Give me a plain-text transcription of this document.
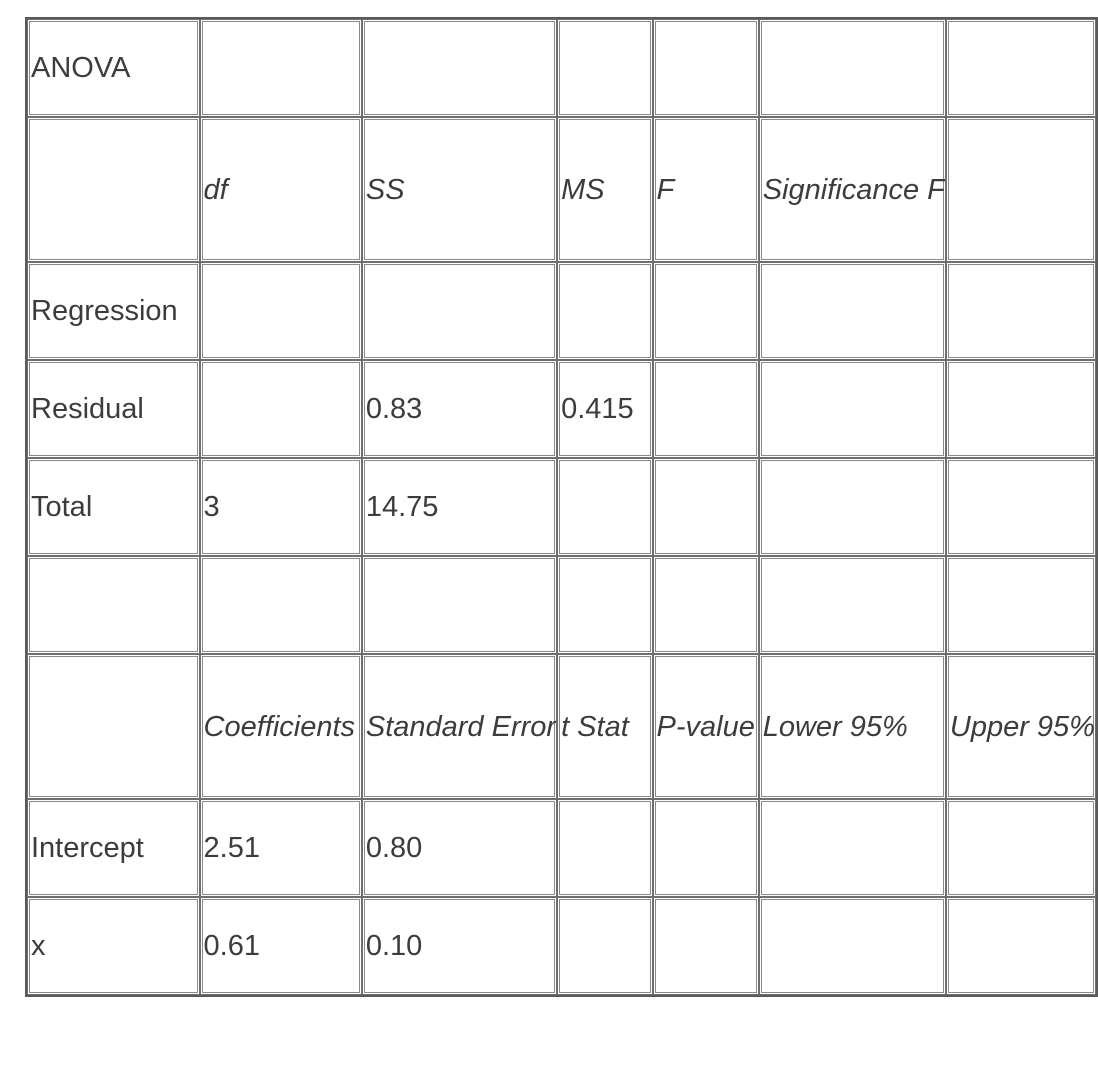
ANOVA						
	df	SS	MS	F	Significance F	
Regression						
Residual		0.83	0.415			
Total	3	14.75				

	Coefficients	Standard Error	t Stat	P-value	Lower 95%	Upper 95%
Intercept	2.51	0.80				
x	0.61	0.10				
